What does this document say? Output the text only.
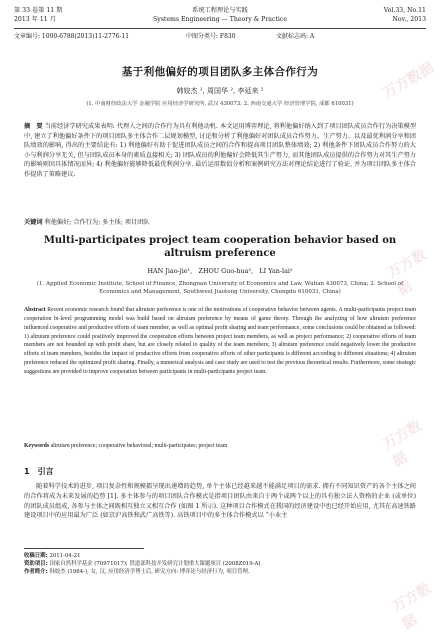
第 33 卷第 11 期
2013 年 11 月
系统工程理论与实践
Systems Engineering — Theory & Practice
Vol.33, No.11
Nov., 2013
文章编号: 1000-6788(2013)11-2776-11	中图分类号: F830	文献标志码: A
基于利他偏好的项目团队多主体合作行为
韩姣杰 ¹, 周国华 ², 李延来 ²
(1. 中南财经政法大学 金融学院 应用经济学研究所, 武汉 430073; 2. 西南交通大学 经济管理学院, 成都 610031)
摘　要 当前经济学研究成果表明: 代理人之间的合作行为具有利他动机. 本文运用博弈理论, 将利他偏好纳入到了项目团队成员合作行为决策模型中, 建立了利他偏好条件下的项目团队多主体合作二层规划模型, 讨论和分析了利他偏好对团队成员合作努力、生产努力、以及最优利润分享和团队绩效的影响, 得出的主要结论有: 1) 利他偏好有助于促进团队成员之间的合作和提高项目团队整体绩效; 2) 利他条件下团队成员合作努力的大小与利润分享无关, 但与团队成员本身的素质直接相关; 3) 团队成员的利他偏好会降低其生产努力, 而其他团队成员提供的合作努力对其生产努力的影响则因具体情况而异; 4) 利他偏好能够降低最优利润分享. 最后运用数值分析和案例研究方法对理论结论进行了验证, 并为项目团队多主体合作提供了策略建议.
关键词 利他偏好; 合作行为; 多主体; 项目团队
Multi-participates project team cooperation behavior based on altruism preference
HAN Jiao-jie¹,　ZHOU Guo-hua²,　LI Yan-lai²
(1. Applied Economic Institute, School of Finance, Zhongnan University of Economics and Law, Wuhan 430073, China; 2. School of Economics and Management, Southwest Jiaotong University, Chengdu 610031, China)
Abstract Recent economic research found that altruism preference is one of the motivations of cooperative behavior between agents. A multi-participants project team cooperation bi-level programming model was build based on altruism preference by means of game theory. Through the analyzing of how altruism preference influenced cooperative and productive efforts of team member, as well as optimal profit sharing and team performance, some conclusions could be obtained as followed: 1) altruism preference could positively improved the cooperation efforts between project team members, as well as project performance; 2) cooperative efforts of team members are not bounded up with profit share, but are closely related to quality of the team members; 3) altruism preference could negatively lower the productive efforts of team members, besides the impact of productive efforts from cooperative efforts of other participants is different according to different situations; 4) altruism preference reduced the optimized profit sharing. Finally, a numerical analysis and case study are used to test the previous theoretical results. Furthermore, some strategic suggestions are provided to improve cooperation between participants in multi-participants project team.
Keywords altruism preference; cooperative behavioral; multi-participates; project team
1　引言
随着科学技术的进步, 项目复杂性和规模都呈现出递增的趋势, 单个主体已经越来越不能满足项目的需求. 拥有不同知识资产的各个主体之间的合作将成为未来发展的趋势 [1]. 多主体参与的项目团队合作模式是指项目团队由来自于两个或两个以上的具有独立法人资格的企业 (或单位) 的团队成员组成, 各参与主体之间既相互独立又相互合作 (如图 1 所示). 这种项目合作模式在我国的经济建设中也已经开始应用, 尤其在高速铁路建设项目中的应用最为广泛 (如京沪高铁和武广高铁等). 高铁项目中的多主体合作模式以 “小业主
收稿日期: 2011-04-21
资助项目: 国家自然科学基金 (70971017); 铁道部科技开发研究计划重大课题项目 (2008Z019-A)
作者简介: 韩姣杰 (1984-), 女, 汉, 应用经济学博士后, 研究方向: 博弈论与经济行为, 项目管理.
万方数据
万方数据
万方数据
万方数据
